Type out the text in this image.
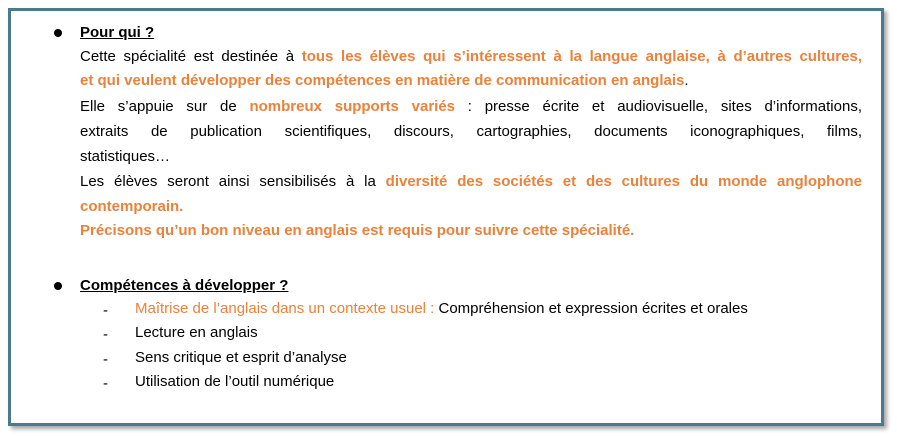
Pour qui ?
Cette spécialité est destinée à tous les élèves qui s’intéressent à la langue anglaise, à d’autres cultures,
et qui veulent développer des compétences en matière de communication en anglais.
Elle s’appuie sur de nombreux supports variés : presse écrite et audiovisuelle, sites d’informations,
extraits de publication scientifiques, discours, cartographies, documents iconographiques, films,
statistiques…
Les élèves seront ainsi sensibilisés à la diversité des sociétés et des cultures du monde anglophone
contemporain.
Précisons qu’un bon niveau en anglais est requis pour suivre cette spécialité.
Compétences à développer ?
- Maîtrise de l’anglais dans un contexte usuel : Compréhension et expression écrites et orales
- Lecture en anglais
- Sens critique et esprit d’analyse
- Utilisation de l’outil numérique
